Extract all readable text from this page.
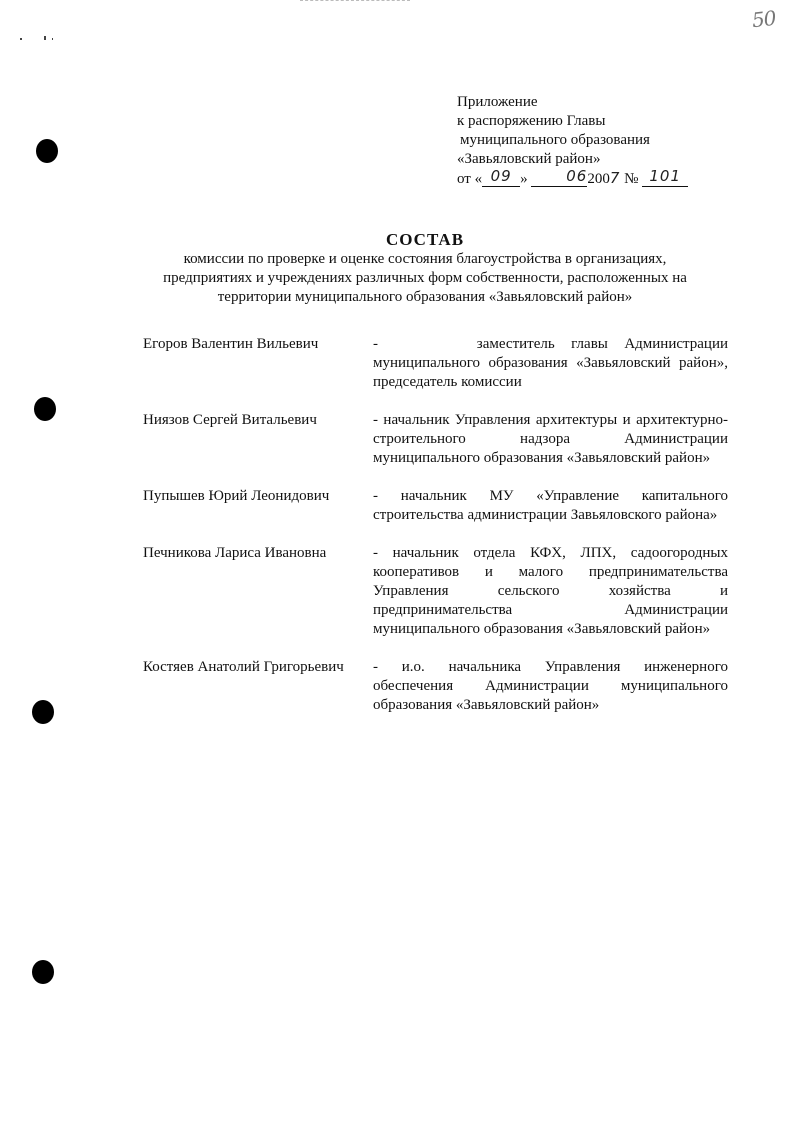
50
Приложение
к распоряжению Главы
муниципального образования
«Завьяловский район»
от « 09 »	062007 № 101
СОСТАВ
комиссии по проверке и оценке состояния благоустройства в организациях,
предприятиях и учреждениях различных форм собственности, расположенных на
территории муниципального образования «Завьяловский район»
Егоров Валентин Вильевич	-      заместитель главы Администрации муниципального образования «Завьяловский район», председатель комиссии
Ниязов Сергей Витальевич	- начальник Управления архитектуры и архитектурно-строительного надзора Администрации муниципального образования «Завьяловский район»
Пупышев Юрий Леонидович	- начальник МУ «Управление капитального строительства администрации Завьяловского района»
Печникова Лариса Ивановна	- начальник отдела КФХ, ЛПХ, садоогородных кооперативов и малого предпринимательства Управления сельского хозяйства и предпринимательства Администрации муниципального образования «Завьяловский район»
Костяев Анатолий Григорьевич	- и.о. начальника Управления инженерного обеспечения Администрации муниципального образования «Завьяловский район»
